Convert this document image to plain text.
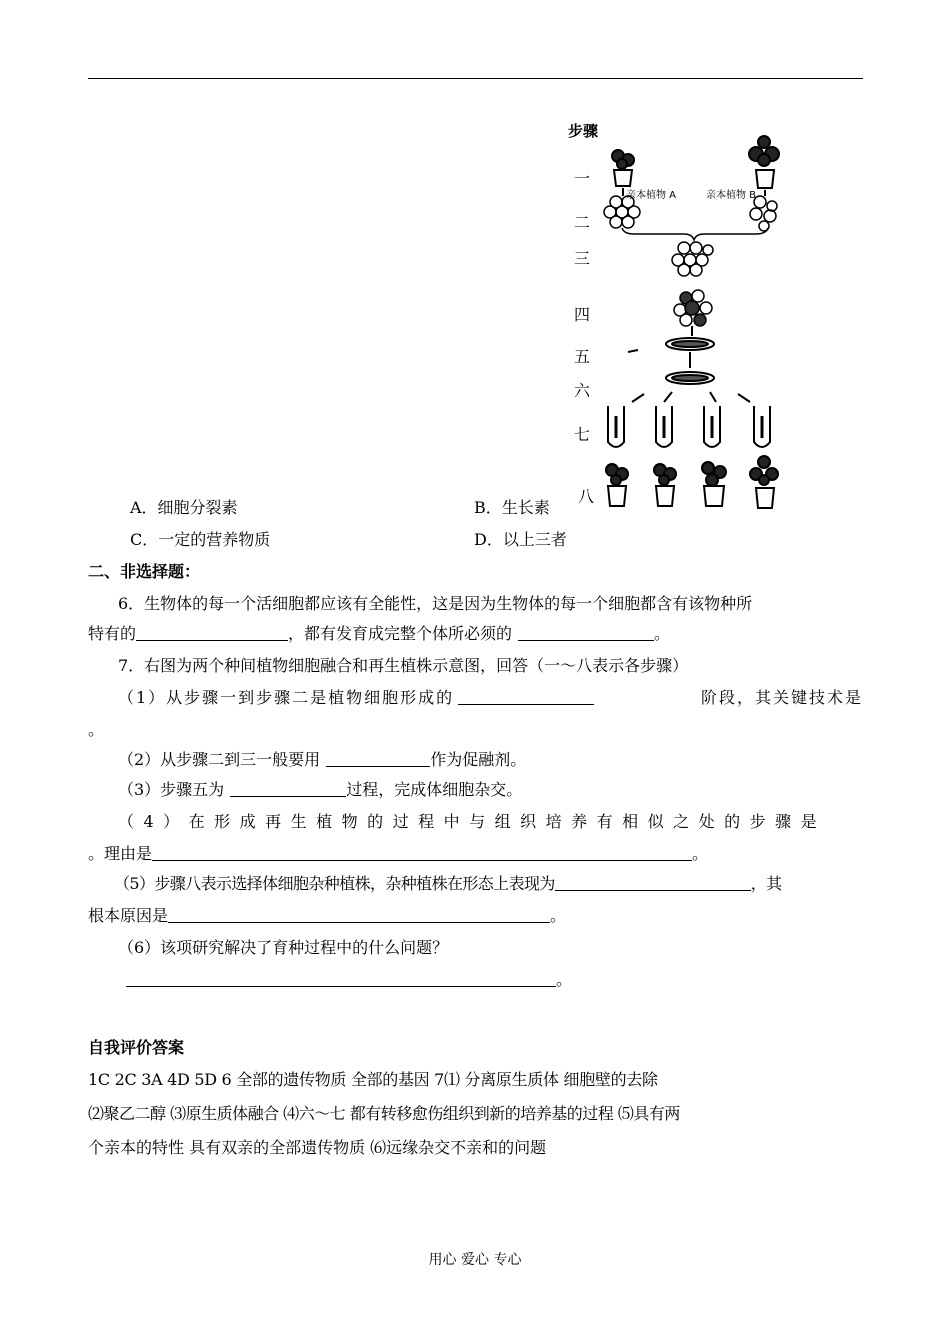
步骤
一
二
三
四
五
六
七
八
亲本植物 A	亲本植物 B
A．细胞分裂素	B．生长素
C．一定的营养物质	D．以上三者
二、非选择题：
6．生物体的每一个活细胞都应该有全能性，这是因为生物体的每一个细胞都含有该物种所
特有的	，都有发育成完整个体所必须的	。
7．右图为两个种间植物细胞融合和再生植株示意图，回答（一～八表示各步骤）
（1）从步骤一到步骤二是植物细胞形成的	阶段，其关键技术是
。
（2）从步骤二到三一般要用	作为促融剂。
（3）步骤五为	过程，完成体细胞杂交。
（4）在形成再生植物的过程中与组织培养有相似之处的步骤是
。理由是	。
（5）步骤八表示选择体细胞杂种植株，杂种植株在形态上表现为	，其
根本原因是	。
（6）该项研究解决了育种过程中的什么问题？
。
自我评价答案
1C 2C 3A 4D 5D 6 全部的遗传物质 全部的基因 7⑴ 分离原生质体 细胞壁的去除
⑵聚乙二醇 ⑶原生质体融合 ⑷六～七 都有转移愈伤组织到新的培养基的过程 ⑸具有两
个亲本的特性 具有双亲的全部遗传物质 ⑹远缘杂交不亲和的问题
用心 爱心 专心
